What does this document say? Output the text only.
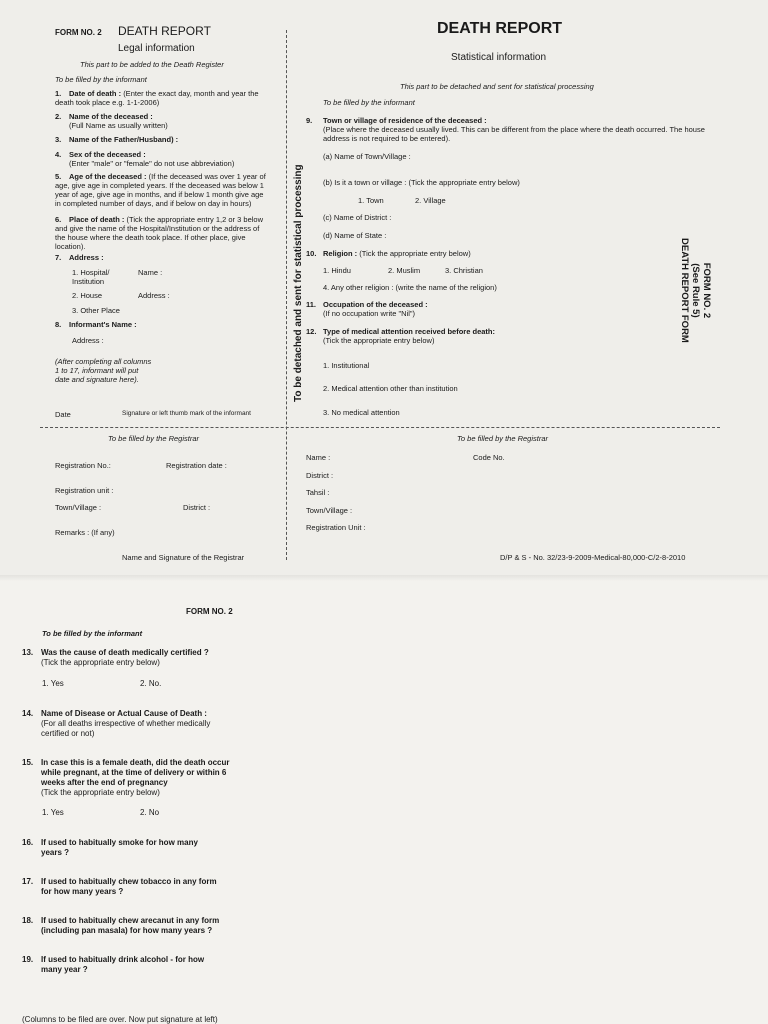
FORM NO. 2 DEATH REPORT
Legal information
This part to be added to the Death Register
To be filled by the informant
1. Date of death : (Enter the exact day, month and year the death took place e.g. 1-1-2006)
2. Name of the deceased :
(Full Name as usually written)
3. Name of the Father/Husband) :
4. Sex of the deceased :
(Enter "male" or "female" do not use abbreviation)
5. Age of the deceased : (If the deceased was over 1 year of age, give age in completed years. If the deceased was below 1 year of age, give age in months, and if below 1 month give age in completed number of days, and if below on day in hours)
6. Place of death : (Tick the appropriate entry 1,2 or 3 below and give the name of the Hospital/Institution or the address of the house where the death took place. If other place, give location).
7. Address :
1. Hospital/ Institution
Name :
2. House	Address :
3. Other Place
8. Informant's Name :
Address :
(After completing all columns 1 to 17, informant will put date and signature here).
Date	Signature or left thumb mark of the informant
To be detached and sent for statistical processing
DEATH REPORT
Statistical information
This part to be detached and sent for statistical processing
To be filled by the informant
9. Town or village of residence of the deceased :
(Place where the deceased usually lived. This can be different from the place where the death occurred. The house address is not required to be entered).
(a) Name of Town/Village :
(b) Is it a town or village : (Tick the appropriate entry below)
1. Town	2. Village
(c) Name of District :
(d) Name of State :
10. Religion : (Tick the appropriate entry below)
1. Hindu	2. Muslim	3. Christian
4. Any other religion : (write the name of the religion)
11. Occupation of the deceased :
(If no occupation write "Nil")
12. Type of medical attention received before death:
(Tick the appropriate entry below)
1. Institutional
2. Medical attention other than institution
3. No medical attention
FORM NO. 2
(See Rule 5)
DEATH REPORT FORM
To be filled by the Registrar
Registration No.:	Registration date :
Registration unit :
Town/Village :	District :
Remarks : (If any)
Name and Signature of the Registrar
To be filled by the Registrar
Name :	Code No.
District :
Tahsil :
Town/Village :
Registration Unit :
D/P & S - No. 32/23-9-2009-Medical-80,000-C/2-8-2010
FORM NO. 2
To be filled by the informant
13. Was the cause of death medically certified ?
(Tick the appropriate entry below)
1. Yes	2. No.
14. Name of Disease or Actual Cause of Death :
(For all deaths irrespective of whether medically certified or not)
15. In case this is a female death, did the death occur while pregnant, at the time of delivery or within 6 weeks after the end of pregnancy
(Tick the appropriate entry below)
1. Yes	2. No
16. If used to habitually smoke for how many years ?
17. If used to habitually chew tobacco in any form for how many years ?
18. If used to habitually chew arecanut in any form (including pan masala) for how many years ?
19. If used to habitually drink alcohol - for how many year ?
(Columns to be filed are over. Now put signature at left)
